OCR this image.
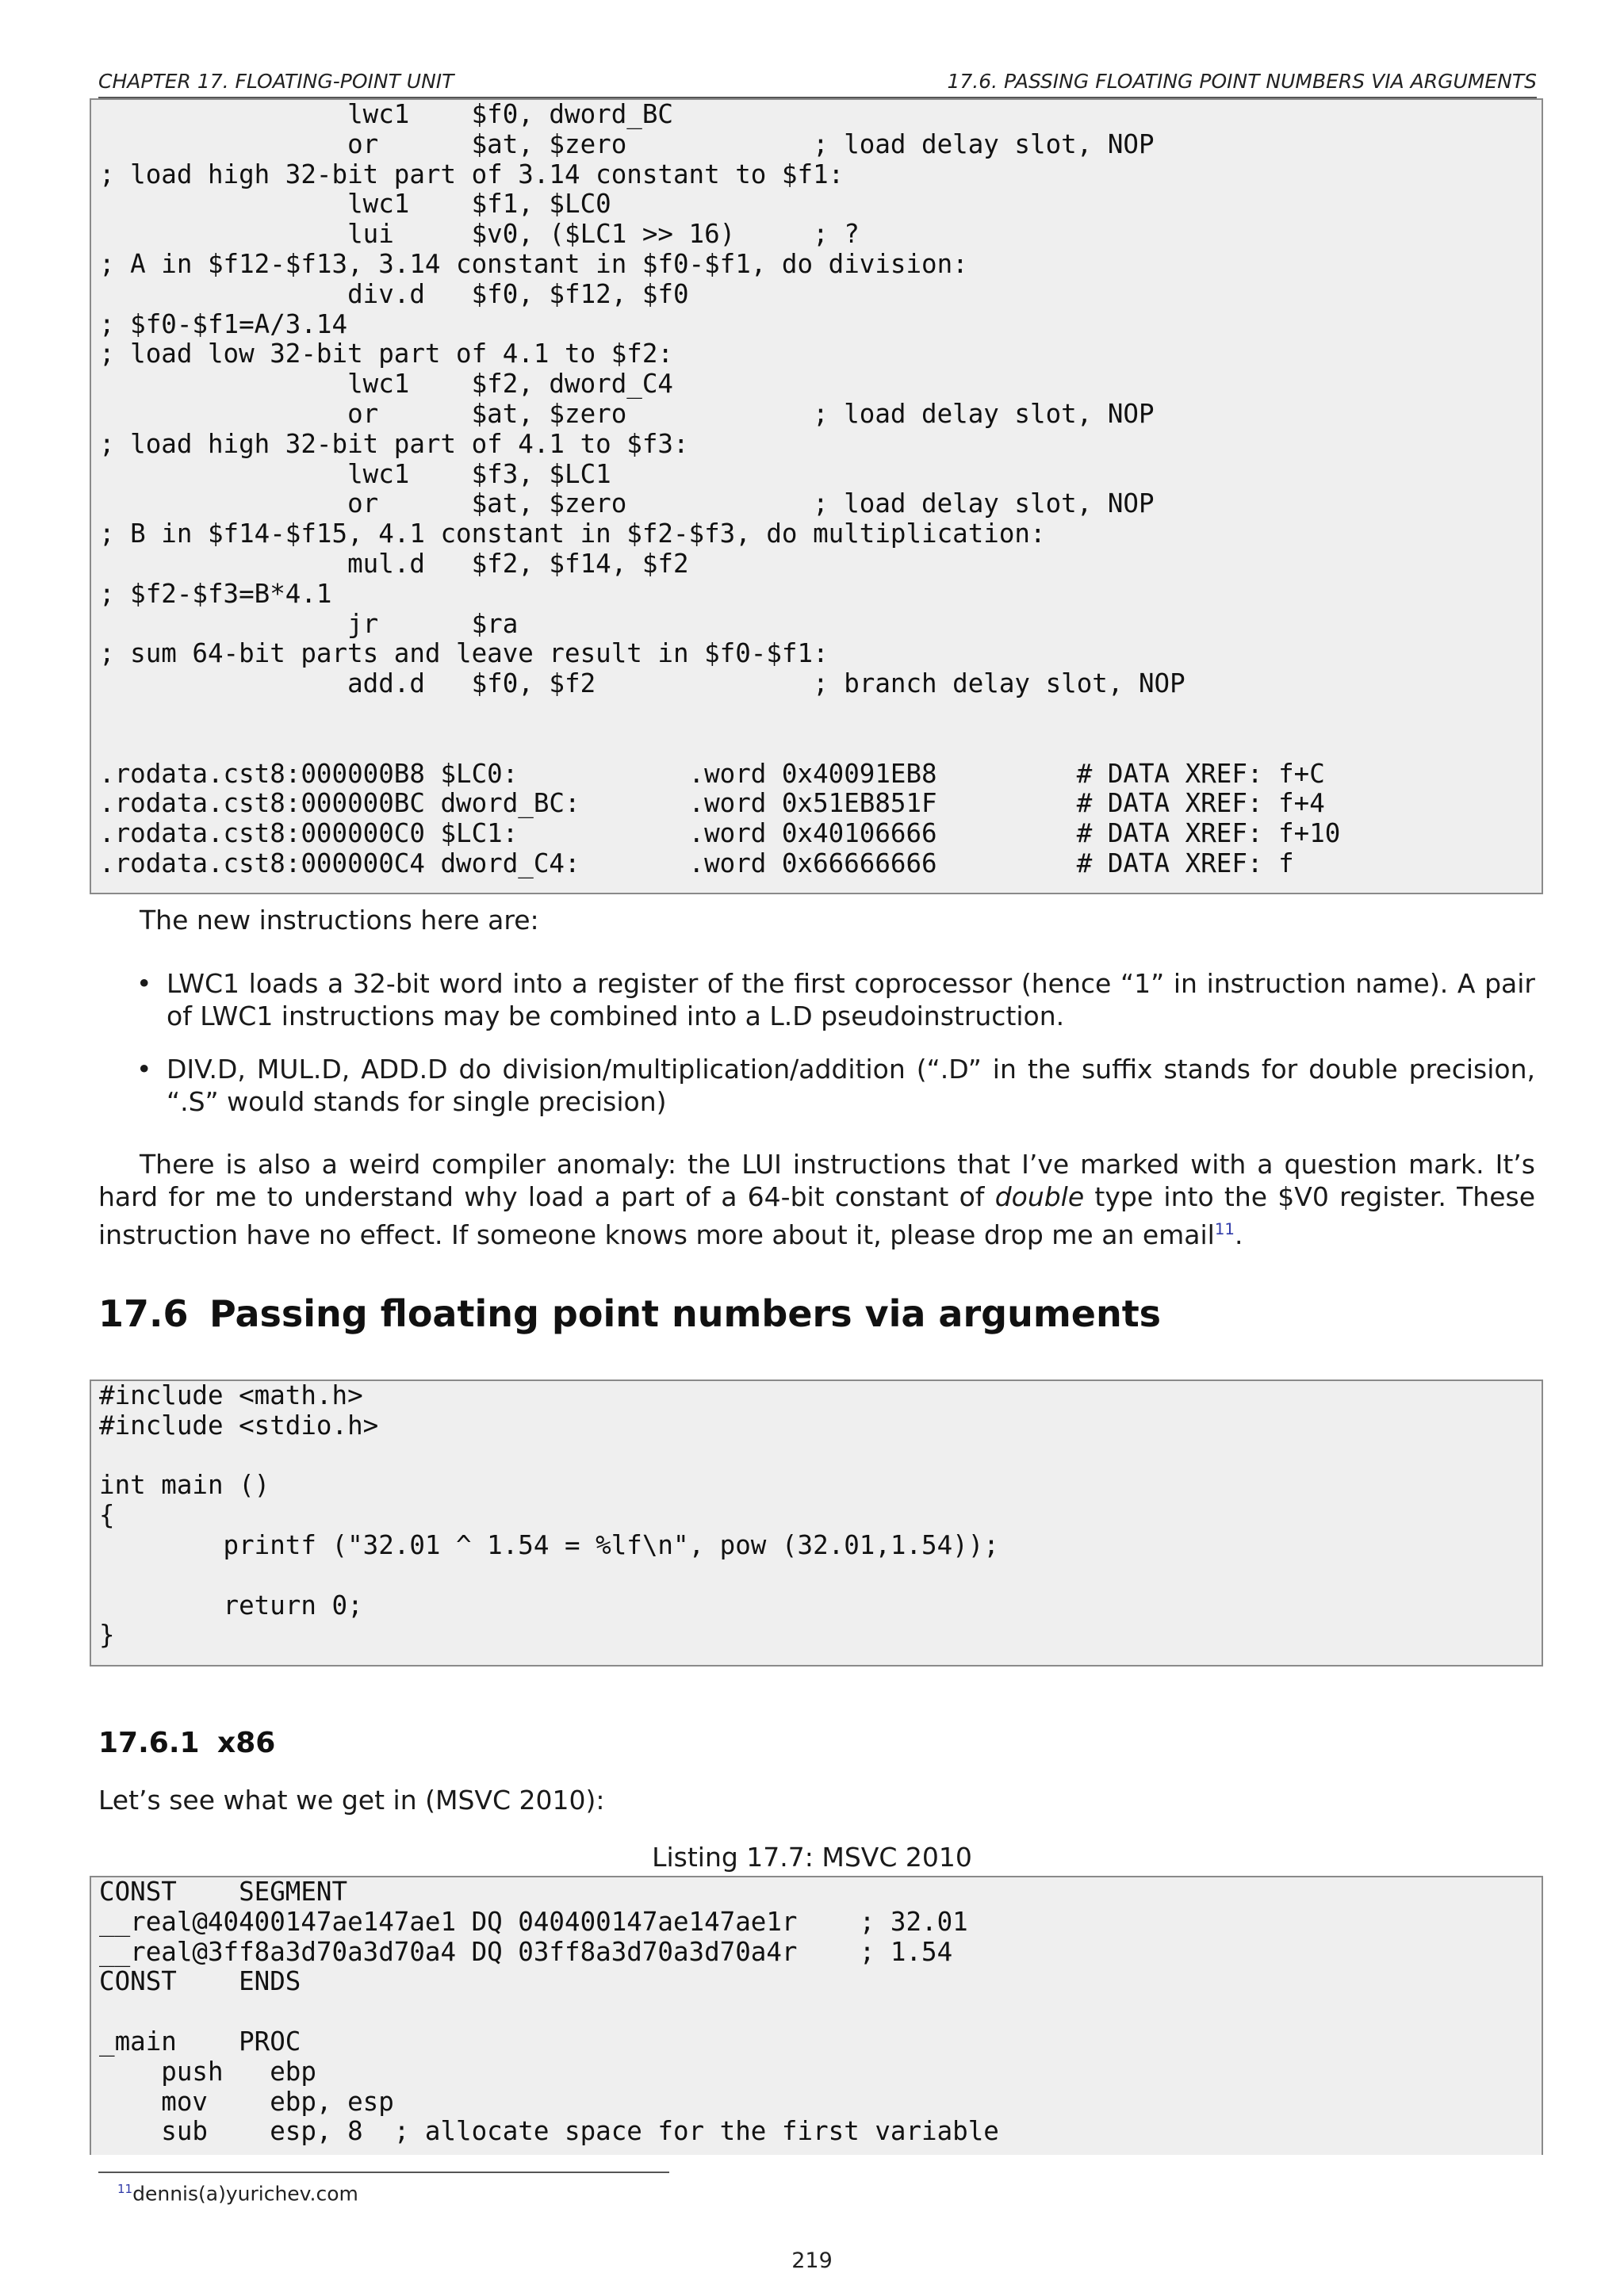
CHAPTER 17. FLOATING-POINT UNIT	17.6. PASSING FLOATING POINT NUMBERS VIA ARGUMENTS
lwc1    $f0, dword_BC
or      $at, $zero            ; load delay slot, NOP
; load high 32-bit part of 3.14 constant to $f1:
lwc1    $f1, $LC0
lui     $v0, ($LC1 >> 16)     ; ?
; A in $f12-$f13, 3.14 constant in $f0-$f1, do division:
div.d   $f0, $f12, $f0
; $f0-$f1=A/3.14
; load low 32-bit part of 4.1 to $f2:
lwc1    $f2, dword_C4
or      $at, $zero            ; load delay slot, NOP
; load high 32-bit part of 4.1 to $f3:
lwc1    $f3, $LC1
or      $at, $zero            ; load delay slot, NOP
; B in $f14-$f15, 4.1 constant in $f2-$f3, do multiplication:
mul.d   $f2, $f14, $f2
; $f2-$f3=B*4.1
jr      $ra
; sum 64-bit parts and leave result in $f0-$f1:
add.d   $f0, $f2              ; branch delay slot, NOP

.rodata.cst8:000000B8 $LC0:           .word 0x40091EB8         # DATA XREF: f+C
.rodata.cst8:000000BC dword_BC:       .word 0x51EB851F         # DATA XREF: f+4
.rodata.cst8:000000C0 $LC1:           .word 0x40106666         # DATA XREF: f+10
.rodata.cst8:000000C4 dword_C4:       .word 0x66666666         # DATA XREF: f
The new instructions here are:
• LWC1 loads a 32-bit word into a register of the first coprocessor (hence “1” in instruction name). A pair of LWC1 instructions may be combined into a L.D pseudoinstruction.
• DIV.D, MUL.D, ADD.D do division/multiplication/addition (“.D” in the suffix stands for double precision, “.S” would stands for single precision)
There is also a weird compiler anomaly: the LUI instructions that I’ve marked with a question mark. It’s hard for me to understand why load a part of a 64-bit constant of double type into the $V0 register. These instruction have no effect. If someone knows more about it, please drop me an email$^{11}$.
17.6 Passing floating point numbers via arguments
#include <math.h>
#include <stdio.h>

int main ()
{
printf ("32.01 ^ 1.54 = %lf\n", pow (32.01,1.54));

return 0;
}
17.6.1 x86
Let’s see what we get in (MSVC 2010):
Listing 17.7: MSVC 2010
CONST    SEGMENT
__real@40400147ae147ae1 DQ 040400147ae147ae1r    ; 32.01
__real@3ff8a3d70a3d70a4 DQ 03ff8a3d70a3d70a4r    ; 1.54
CONST    ENDS

_main    PROC
push   ebp
mov    ebp, esp
sub    esp, 8  ; allocate space for the first variable
$^{11}$dennis(a)yurichev.com
219
